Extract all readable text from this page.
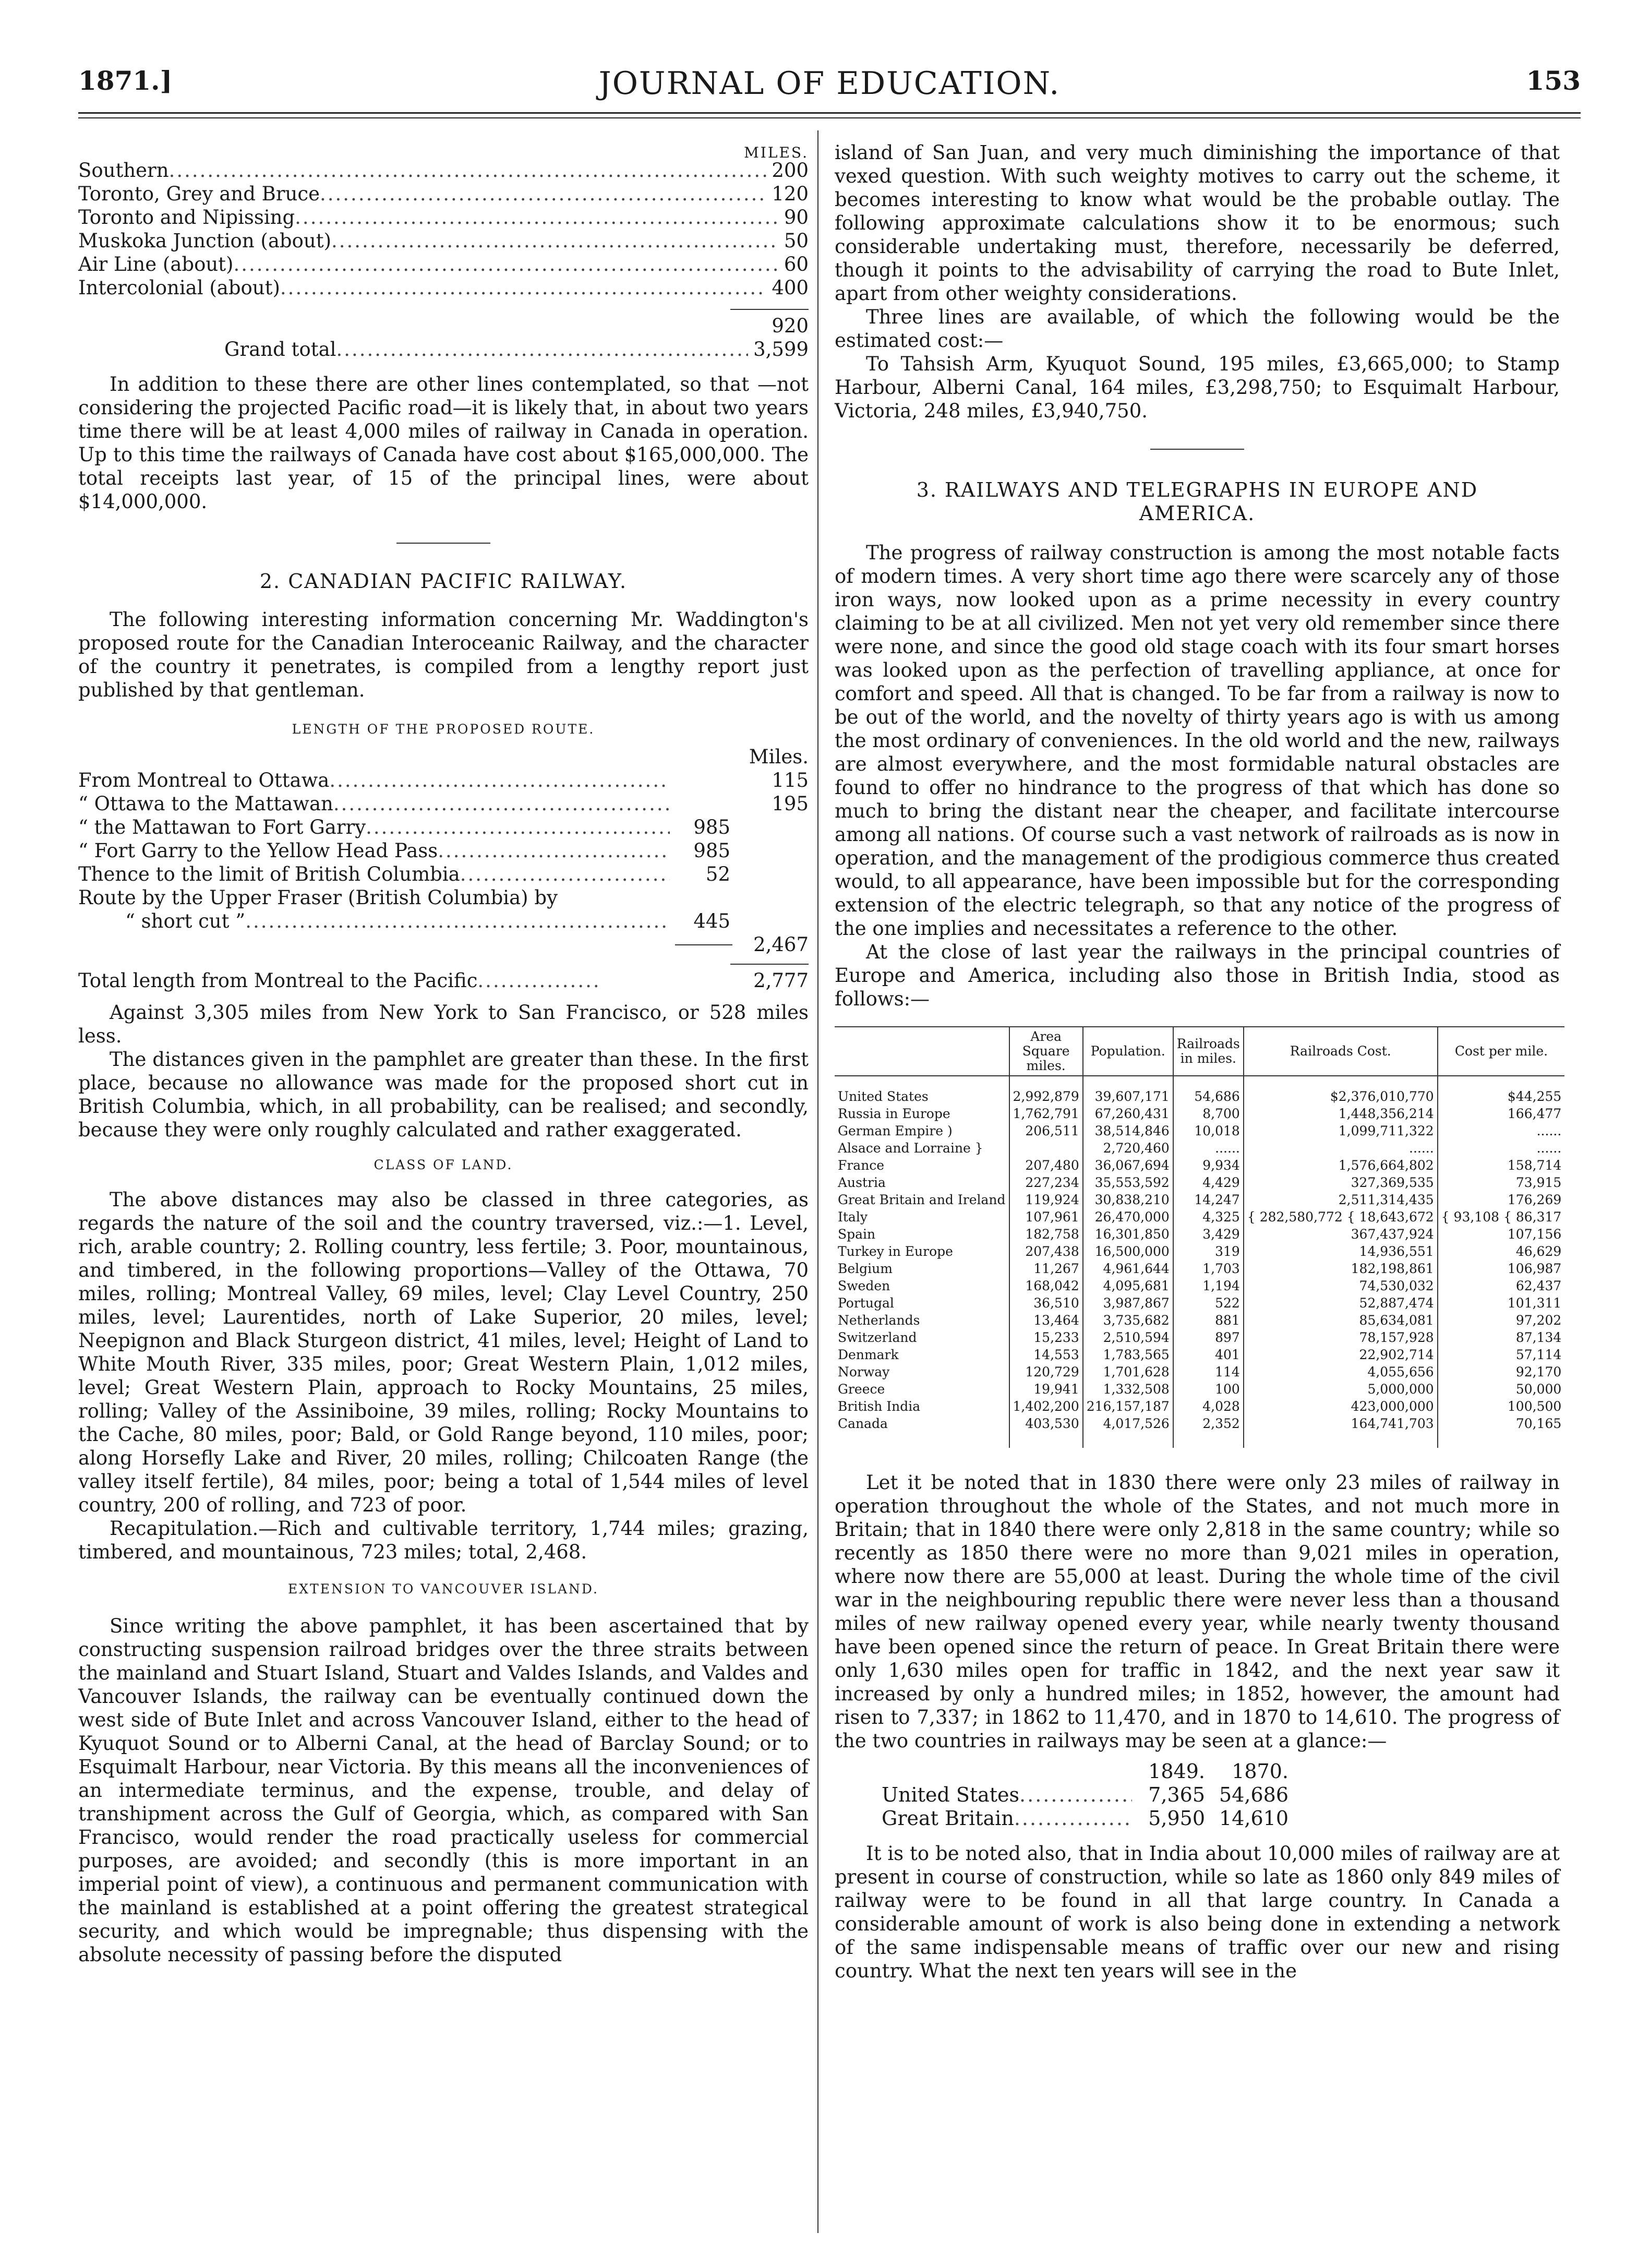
1871.]	JOURNAL OF EDUCATION.	153
MILES.
Southern .....	200
Toronto, Grey and Bruce .....	120
Toronto and Nipissing .....	90
Muskoka Junction (about) .....	50
Air Line (about) .....	60
Intercolonial (about) .....	400
920
Grand total .....	3,599

In addition to these there are other lines contemplated, so that —not considering the projected Pacific road—it is likely that, in about two years time there will be at least 4,000 miles of railway in Canada in operation. Up to this time the railways of Canada have cost about $165,000,000. The total receipts last year, of 15 of the principal lines, were about $14,000,000.

2. CANADIAN PACIFIC RAILWAY.

The following interesting information concerning Mr. Waddington's proposed route for the Canadian Interoceanic Railway, and the character of the country it penetrates, is compiled from a lengthy report just published by that gentleman.

LENGTH OF THE PROPOSED ROUTE.
Miles.
From Montreal to Ottawa .....	115
“ Ottawa to the Mattawan .....	195
“ the Mattawan to Fort Garry .....	985
“ Fort Garry to the Yellow Head Pass .....	985
Thence to the limit of British Columbia .....	52
Route by the Upper Fraser (British Columbia) by
“ short cut ” .....	445
2,467
Total length from Montreal to the Pacific .....	2,777

Against 3,305 miles from New York to San Francisco, or 528 miles less.

The distances given in the pamphlet are greater than these. In the first place, because no allowance was made for the proposed short cut in British Columbia, which, in all probability, can be realised; and secondly, because they were only roughly calculated and rather exaggerated.

CLASS OF LAND.

The above distances may also be classed in three categories, as regards the nature of the soil and the country traversed, viz.:—1. Level, rich, arable country; 2. Rolling country, less fertile; 3. Poor, mountainous, and timbered, in the following proportions—Valley of the Ottawa, 70 miles, rolling; Montreal Valley, 69 miles, level; Clay Level Country, 250 miles, level; Laurentides, north of Lake Superior, 20 miles, level; Neepignon and Black Sturgeon district, 41 miles, level; Height of Land to White Mouth River, 335 miles, poor; Great Western Plain, 1,012 miles, level; Great Western Plain, approach to Rocky Mountains, 25 miles, rolling; Valley of the Assiniboine, 39 miles, rolling; Rocky Mountains to the Cache, 80 miles, poor; Bald, or Gold Range beyond, 110 miles, poor; along Horsefly Lake and River, 20 miles, rolling; Chilcoaten Range (the valley itself fertile), 84 miles, poor; being a total of 1,544 miles of level country, 200 of rolling, and 723 of poor.

Recapitulation.—Rich and cultivable territory, 1,744 miles; grazing, timbered, and mountainous, 723 miles; total, 2,468.

EXTENSION TO VANCOUVER ISLAND.

Since writing the above pamphlet, it has been ascertained that by constructing suspension railroad bridges over the three straits between the mainland and Stuart Island, Stuart and Valdes Islands, and Valdes and Vancouver Islands, the railway can be eventually continued down the west side of Bute Inlet and across Vancouver Island, either to the head of Kyuquot Sound or to Alberni Canal, at the head of Barclay Sound; or to Esquimalt Harbour, near Victoria. By this means all the inconveniences of an intermediate terminus, and the expense, trouble, and delay of transhipment across the Gulf of Georgia, which, as compared with San Francisco, would render the road practically useless for commercial purposes, are avoided; and secondly (this is more important in an imperial point of view), a continuous and permanent communication with the mainland is established at a point offering the greatest strategical security, and which would be impregnable; thus dispensing with the absolute necessity of passing before the disputed

island of San Juan, and very much diminishing the importance of that vexed question. With such weighty motives to carry out the scheme, it becomes interesting to know what would be the probable outlay. The following approximate calculations show it to be enormous; such considerable undertaking must, therefore, necessarily be deferred, though it points to the advisability of carrying the road to Bute Inlet, apart from other weighty considerations.

Three lines are available, of which the following would be the estimated cost:—

To Tahsish Arm, Kyuquot Sound, 195 miles, £3,665,000; to Stamp Harbour, Alberni Canal, 164 miles, £3,298,750; to Esquimalt Harbour, Victoria, 248 miles, £3,940,750.

3. RAILWAYS AND TELEGRAPHS IN EUROPE AND AMERICA.

The progress of railway construction is among the most notable facts of modern times. A very short time ago there were scarcely any of those iron ways, now looked upon as a prime necessity in every country claiming to be at all civilized. Men not yet very old remember since there were none, and since the good old stage coach with its four smart horses was looked upon as the perfection of travelling appliance, at once for comfort and speed. All that is changed. To be far from a railway is now to be out of the world, and the novelty of thirty years ago is with us among the most ordinary of conveniences. In the old world and the new, railways are almost everywhere, and the most formidable natural obstacles are found to offer no hindrance to the progress of that which has done so much to bring the distant near the cheaper, and facilitate intercourse among all nations. Of course such a vast network of railroads as is now in operation, and the management of the prodigious commerce thus created would, to all appearance, have been impossible but for the corresponding extension of the electric telegraph, so that any notice of the progress of the one implies and necessitates a reference to the other.

At the close of last year the railways in the principal countries of Europe and America, including also those in British India, stood as follows:—

	Area Square miles.	Population.	Railroads in miles.	Railroads Cost.	Cost per mile.
United States	2,992,879	39,607,171	54,686	$2,376,010,770	$44,255
Russia in Europe	1,762,791	67,260,431	8,700	1,448,356,214	166,477
German Empire )	206,511	38,514,846	10,018	1,099,711,322	......
Alsace and Lorraine }		2,720,460	......	......	......
France	207,480	36,067,694	9,934	1,576,664,802	158,714
Austria	227,234	35,553,592	4,429	327,369,535	73,915
Great Britain and Ireland	119,924	30,838,210	14,247	2,511,314,435	176,269
Italy	107,961	26,470,000	4,325	{ 282,580,772 { 18,643,672	{ 93,108 { 86,317
Spain	182,758	16,301,850	3,429	367,437,924	107,156
Turkey in Europe	207,438	16,500,000	319	14,936,551	46,629
Belgium	11,267	4,961,644	1,703	182,198,861	106,987
Sweden	168,042	4,095,681	1,194	74,530,032	62,437
Portugal	36,510	3,987,867	522	52,887,474	101,311
Netherlands	13,464	3,735,682	881	85,634,081	97,202
Switzerland	15,233	2,510,594	897	78,157,928	87,134
Denmark	14,553	1,783,565	401	22,902,714	57,114
Norway	120,729	1,701,628	114	4,055,656	92,170
Greece	19,941	1,332,508	100	5,000,000	50,000
British India	1,402,200	216,157,187	4,028	423,000,000	100,500
Canada	403,530	4,017,526	2,352	164,741,703	70,165

Let it be noted that in 1830 there were only 23 miles of railway in operation throughout the whole of the States, and not much more in Britain; that in 1840 there were only 2,818 in the same country; while so recently as 1850 there were no more than 9,021 miles in operation, where now there are 55,000 at least. During the whole time of the civil war in the neighbouring republic there were never less than a thousand miles of new railway opened every year, while nearly twenty thousand have been opened since the return of peace. In Great Britain there were only 1,630 miles open for traffic in 1842, and the next year saw it increased by only a hundred miles; in 1852, however, the amount had risen to 7,337; in 1862 to 11,470, and in 1870 to 14,610. The progress of the two countries in railways may be seen at a glance:—

1849.	1870.
United States .....	7,365 54,686
Great Britain .....	5,950 14,610

It is to be noted also, that in India about 10,000 miles of railway are at present in course of construction, while so late as 1860 only 849 miles of railway were to be found in all that large country. In Canada a considerable amount of work is also being done in extending a network of the same indispensable means of traffic over our new and rising country. What the next ten years will see in the
